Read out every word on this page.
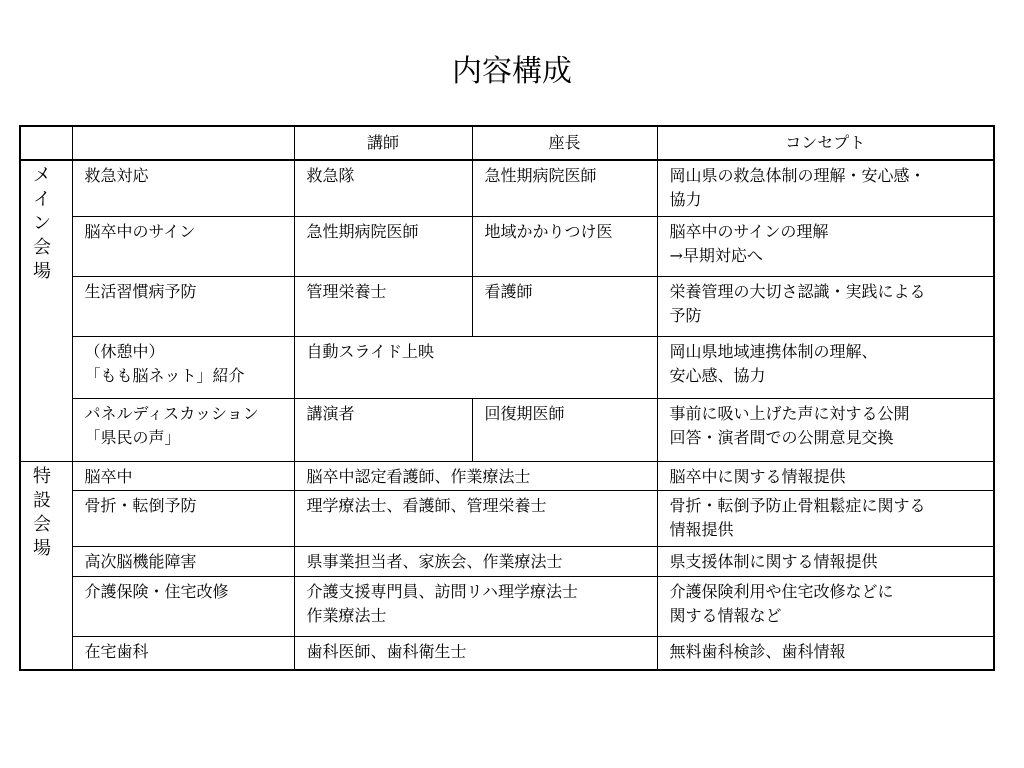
内容構成
		講師	座長	コンセプト

メ
イ
ン
会
場	救急対応	救急隊	急性期病院医師	岡山県の救急体制の理解・安心感・
協力

	脳卒中のサイン	急性期病院医師	地域かかりつけ医	脳卒中のサインの理解
→早期対応へ

	生活習慣病予防	管理栄養士	看護師	栄養管理の大切さ認識・実践による
予防

	（休憩中）
「もも脳ネット」紹介	自動スライド上映		岡山県地域連携体制の理解、
安心感、協力

	パネルディスカッション
「県民の声」	講演者	回復期医師	事前に吸い上げた声に対する公開
回答・演者間での公開意見交換

特
設
会
場	脳卒中	脳卒中認定看護師、作業療法士		脳卒中に関する情報提供

	骨折・転倒予防	理学療法士、看護師、管理栄養士		骨折・転倒予防止骨粗鬆症に関する
情報提供

	高次脳機能障害	県事業担当者、家族会、作業療法士		県支援体制に関する情報提供

	介護保険・住宅改修	介護支援専門員、訪問リハ理学療法士
作業療法士		介護保険利用や住宅改修などに
関する情報など

	在宅歯科	歯科医師、歯科衛生士		無料歯科検診、歯科情報
